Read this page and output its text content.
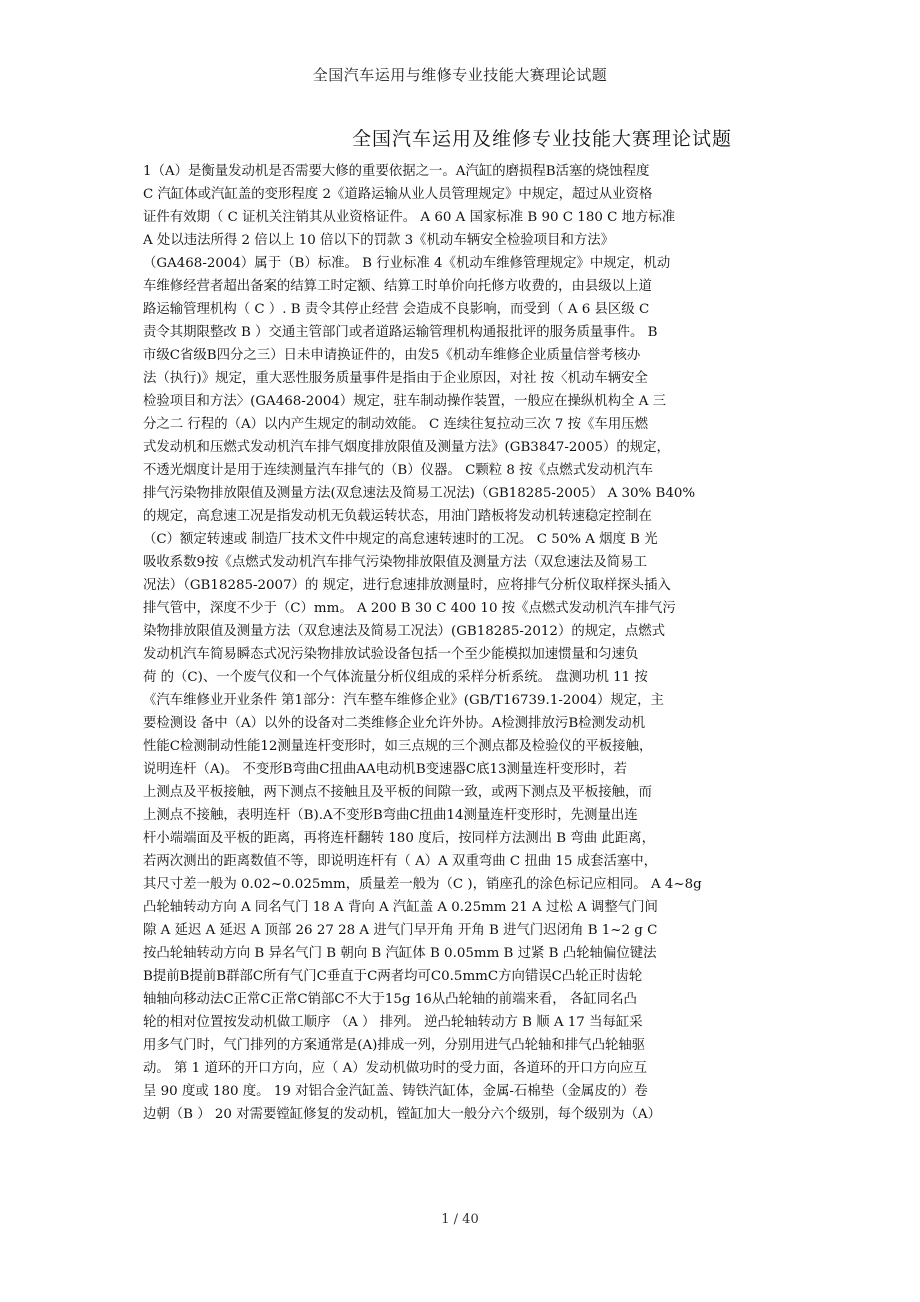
全国汽车运用与维修专业技能大赛理论试题
全国汽车运用及维修专业技能大赛理论试题
1（A）是衡量发动机是否需要大修的重要依据之一。A汽缸的磨损程B活塞的烧蚀程度
C 汽缸体或汽缸盖的变形程度 2《道路运输从业人员管理规定》中规定，超过从业资格
证件有效期（ C 证机关注销其从业资格证件。 A 60 A 国家标准 B 90 C 180 C 地方标准
A 处以违法所得 2 倍以上 10 倍以下的罚款 3《机动车辆安全检验项目和方法》
（GA468-2004）属于（B）标准。 B 行业标准 4《机动车维修管理规定》中规定，机动
车维修经营者超出备案的结算工时定额、结算工时单价向托修方收费的，由县级以上道
路运输管理机构（ C ）. B 责令其停止经营 会造成不良影响，而受到（ A 6 县区级 C
责令其期限整改 B ）交通主管部门或者道路运输管理机构通报批评的服务质量事件。 B
市级C省级B四分之三）日未申请换证件的，由发5《机动车维修企业质量信誉考核办
法（执行)》规定，重大恶性服务质量事件是指由于企业原因，对社 按〈机动车辆安全
检验项目和方法〉(GA468-2004）规定，驻车制动操作装置，一般应在操纵机构全 A 三
分之二 行程的（A）以内产生规定的制动效能。 C 连续往复拉动三次 7 按《车用压燃
式发动机和压燃式发动机汽车排气烟度排放限值及测量方法》(GB3847-2005）的规定，
不透光烟度计是用于连续测量汽车排气的（B）仪器。 C颗粒 8 按《点燃式发动机汽车
排气污染物排放限值及测量方法(双怠速法及简易工况法)（GB18285-2005） A 30% B40%
的规定，高怠速工况是指发动机无负载运转状态，用油门踏板将发动机转速稳定控制在
（C）额定转速或 制造厂技术文件中规定的高怠速转速时的工况。 C 50% A 烟度 B 光
吸收系数9按《点燃式发动机汽车排气污染物排放限值及测量方法（双怠速法及简易工
况法）（GB18285-2007）的 规定，进行怠速排放测量时，应将排气分析仪取样探头插入
排气管中，深度不少于（C）mm。 A 200 B 30 C 400 10 按《点燃式发动机汽车排气污
染物排放限值及测量方法（双怠速法及简易工况法）(GB18285-2012）的规定，点燃式
发动机汽车简易瞬态式况污染物排放试验设备包括一个至少能模拟加速惯量和匀速负
荷 的（C)、一个废气仪和一个气体流量分析仪组成的采样分析系统。 盘测功机 11 按
《汽车维修业开业条件 第1部分：汽车整车维修企业》(GB/T16739.1-2004）规定，主
要检测设 备中（A）以外的设备对二类维修企业允许外协。A检测排放污B检测发动机
性能C检测制动性能12测量连杆变形时，如三点规的三个测点都及检验仪的平板接触，
说明连杆（A)。 不变形B弯曲C扭曲AA电动机B变速器C底13测量连杆变形时，若
上测点及平板接触，两下测点不接触且及平板的间隙一致，或两下测点及平板接触，而
上测点不接触，表明连杆（B).A不变形B弯曲C扭曲14测量连杆变形时，先测量出连
杆小端端面及平板的距离，再将连杆翻转 180 度后，按同样方法测出 B 弯曲 此距离，
若两次测出的距离数值不等，即说明连杆有（ A）A 双重弯曲 C 扭曲 15 成套活塞中，
其尺寸差一般为 0.02~0.025mm，质量差一般为（C )，销座孔的涂色标记应相同。 A 4~8g
凸轮轴转动方向 A 同名气门 18 A 背向 A 汽缸盖 A 0.25mm 21 A 过松 A 调整气门间
隙 A 延迟 A 延迟 A 顶部 26 27 28 A 进气门早开角 开角 B 进气门迟闭角 B 1~2 g C
按凸轮轴转动方向 B 异名气门 B 朝向 B 汽缸体 B 0.05mm B 过紧 B 凸轮轴偏位键法
B提前B提前B群部C所有气门C垂直于C两者均可C0.5mmC方向错误C凸轮正时齿轮
轴轴向移动法C正常C正常C销部C不大于15g 16从凸轮轴的前端来看， 各缸同名凸
轮的相对位置按发动机做工顺序 （A ） 排列。 逆凸轮轴转动方 B 顺 A 17 当每缸采
用多气门时，气门排列的方案通常是(A)排成一列，分别用进气凸轮轴和排气凸轮轴驱
动。 第 1 道环的开口方向，应（ A）发动机做功时的受力面，各道环的开口方向应互
呈 90 度或 180 度。 19 对铝合金汽缸盖、铸铁汽缸体，金属-石棉垫（金属皮的）卷
边朝（B ） 20 对需要镗缸修复的发动机，镗缸加大一般分六个级别，每个级别为（A）
1 / 40
